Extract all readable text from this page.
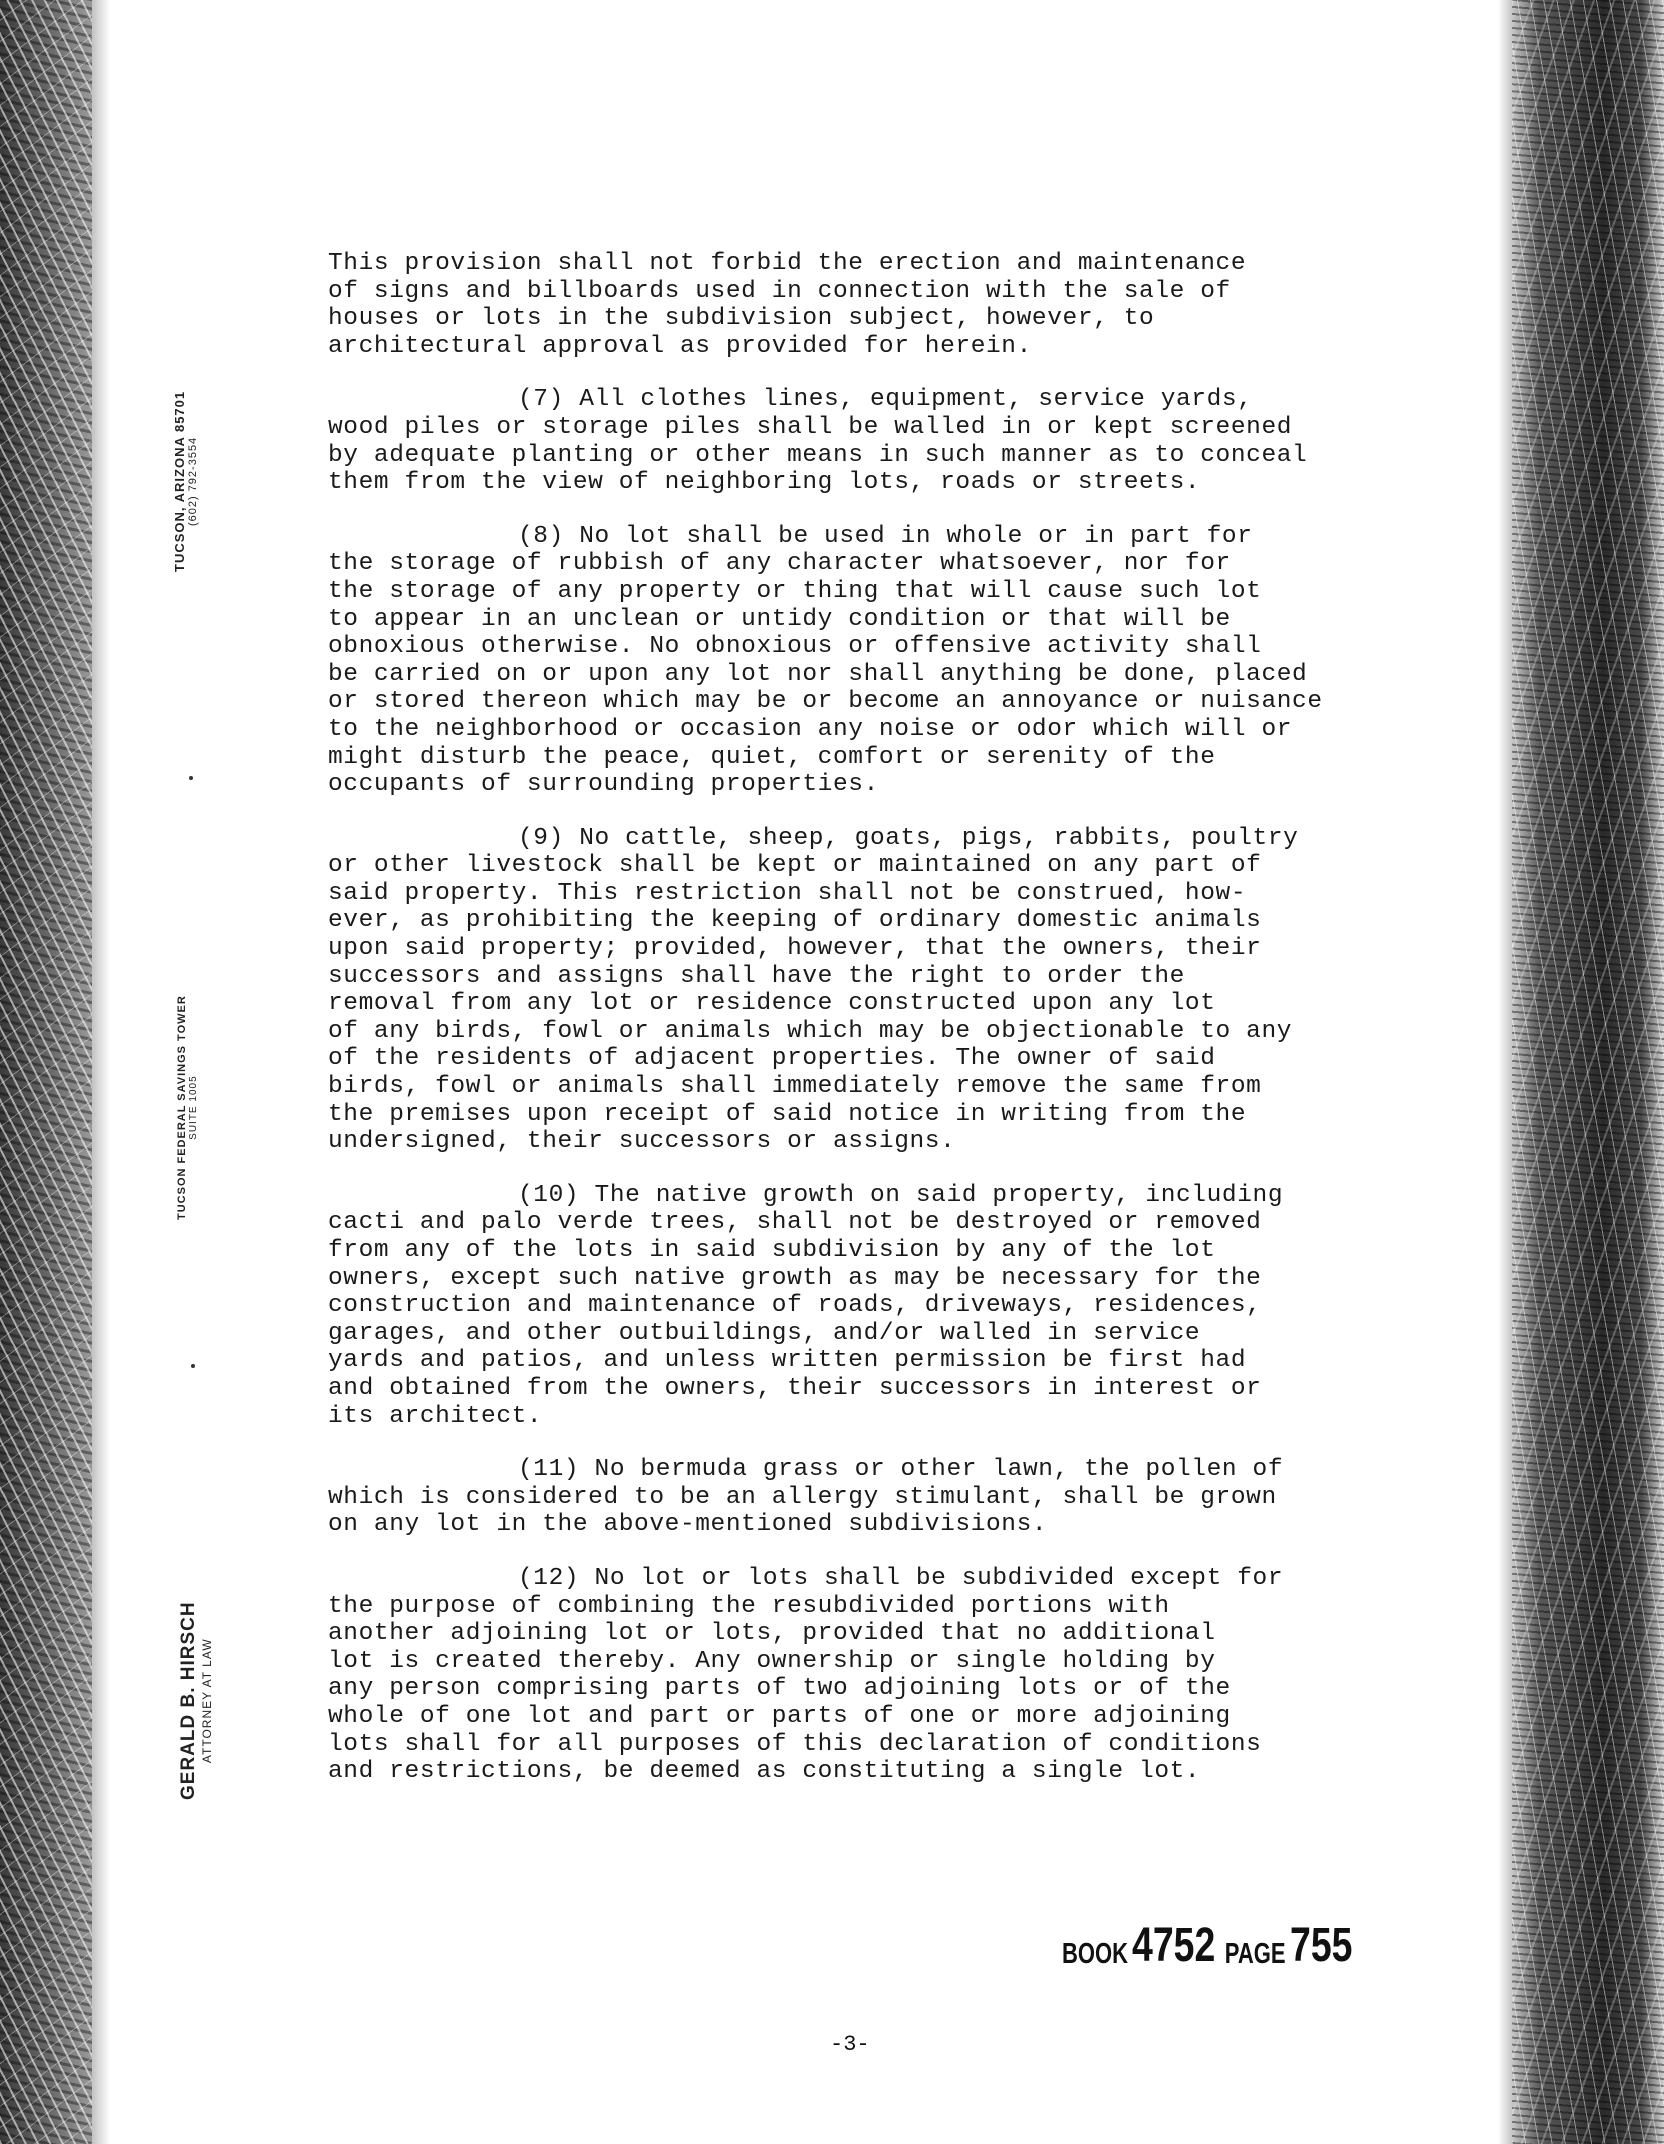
TUCSON, ARIZONA 85701 (602) 792-3554
TUCSON FEDERAL SAVINGS TOWER SUITE 1005
GERALD B. HIRSCH ATTORNEY AT LAW

This provision shall not forbid the erection and maintenance
of signs and billboards used in connection with the sale of
houses or lots in the subdivision subject, however, to
architectural approval as provided for herein.

(7) All clothes lines, equipment, service yards,
wood piles or storage piles shall be walled in or kept screened
by adequate planting or other means in such manner as to conceal
them from the view of neighboring lots, roads or streets.

(8) No lot shall be used in whole or in part for
the storage of rubbish of any character whatsoever, nor for
the storage of any property or thing that will cause such lot
to appear in an unclean or untidy condition or that will be
obnoxious otherwise. No obnoxious or offensive activity shall
be carried on or upon any lot nor shall anything be done, placed
or stored thereon which may be or become an annoyance or nuisance
to the neighborhood or occasion any noise or odor which will or
might disturb the peace, quiet, comfort or serenity of the
occupants of surrounding properties.

(9) No cattle, sheep, goats, pigs, rabbits, poultry
or other livestock shall be kept or maintained on any part of
said property. This restriction shall not be construed, how-
ever, as prohibiting the keeping of ordinary domestic animals
upon said property; provided, however, that the owners, their
successors and assigns shall have the right to order the
removal from any lot or residence constructed upon any lot
of any birds, fowl or animals which may be objectionable to any
of the residents of adjacent properties. The owner of said
birds, fowl or animals shall immediately remove the same from
the premises upon receipt of said notice in writing from the
undersigned, their successors or assigns.

(10) The native growth on said property, including
cacti and palo verde trees, shall not be destroyed or removed
from any of the lots in said subdivision by any of the lot
owners, except such native growth as may be necessary for the
construction and maintenance of roads, driveways, residences,
garages, and other outbuildings, and/or walled in service
yards and patios, and unless written permission be first had
and obtained from the owners, their successors in interest or
its architect.

(11) No bermuda grass or other lawn, the pollen of
which is considered to be an allergy stimulant, shall be grown
on any lot in the above-mentioned subdivisions.

(12) No lot or lots shall be subdivided except for
the purpose of combining the resubdivided portions with
another adjoining lot or lots, provided that no additional
lot is created thereby. Any ownership or single holding by
any person comprising parts of two adjoining lots or of the
whole of one lot and part or parts of one or more adjoining
lots shall for all purposes of this declaration of conditions
and restrictions, be deemed as constituting a single lot.

BOOK 4752 PAGE 755
-3-
